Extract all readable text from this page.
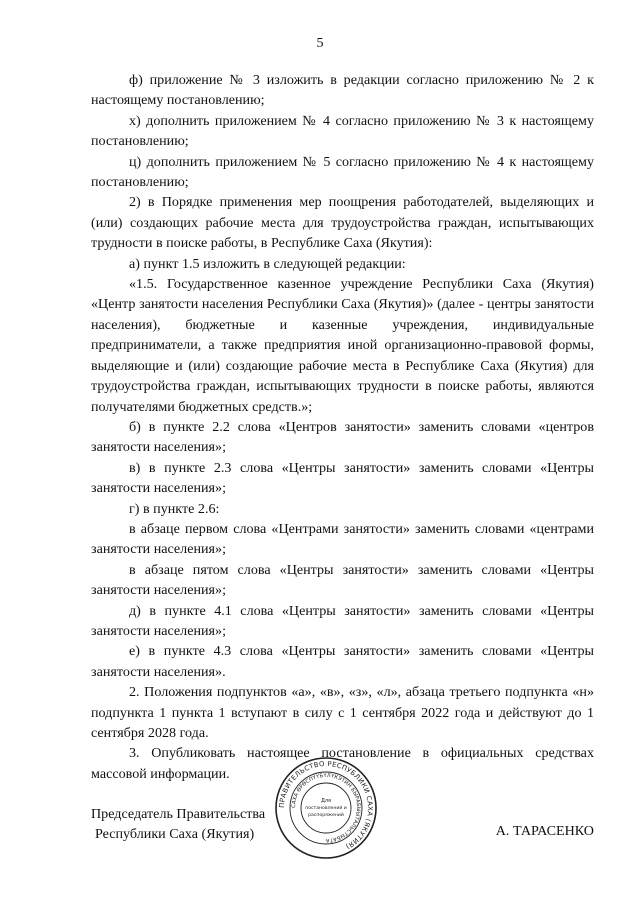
5

ф) приложение № 3 изложить в редакции согласно приложению № 2 к настоящему постановлению;

х) дополнить приложением № 4 согласно приложению № 3 к настоящему постановлению;

ц) дополнить приложением № 5 согласно приложению № 4 к настоящему постановлению;

2) в Порядке применения мер поощрения работодателей, выделяющих и (или) создающих рабочие места для трудоустройства граждан, испытывающих трудности в поиске работы, в Республике Саха (Якутия):

а) пункт 1.5 изложить в следующей редакции:

«1.5. Государственное казенное учреждение Республики Саха (Якутия) «Центр занятости населения Республики Саха (Якутия)» (далее - центры занятости населения), бюджетные и казенные учреждения, индивидуальные предприниматели, а также предприятия иной организационно-правовой формы, выделяющие и (или) создающие рабочие места в Республике Саха (Якутия) для трудоустройства граждан, испытывающих трудности в поиске работы, являются получателями бюджетных средств.»;

б) в пункте 2.2 слова «Центров занятости» заменить словами «центров занятости населения»;

в) в пункте 2.3 слова «Центры занятости» заменить словами «Центры занятости населения»;

г) в пункте 2.6:

в абзаце первом слова «Центрами занятости» заменить словами «центрами занятости населения»;

в абзаце пятом слова «Центры занятости» заменить словами «Центры занятости населения»;

д) в пункте 4.1 слова «Центры занятости» заменить словами «Центры занятости населения»;

е) в пункте 4.3 слова «Центры занятости» заменить словами «Центры занятости населения».

2. Положения подпунктов «а», «в», «з», «л», абзаца третьего подпункта «н» подпункта 1 пункта 1 вступают в силу с 1 сентября 2022 года и действуют до 1 сентября 2028 года.

3. Опубликовать настоящее постановление в официальных средствах массовой информации.

Председатель Правительства
Республики Саха (Якутия)
ПРАВИТЕЛЬСТВО РЕСПУБЛИКИ САХА (ЯКУТИЯ)
САХА ӨРӨСПҮҮБҮЛҮКЭТИН БЫРАБЫЫТАЛЬСТЫБАТА
Для
постановлений и
распоряжений
А. ТАРАСЕНКО
